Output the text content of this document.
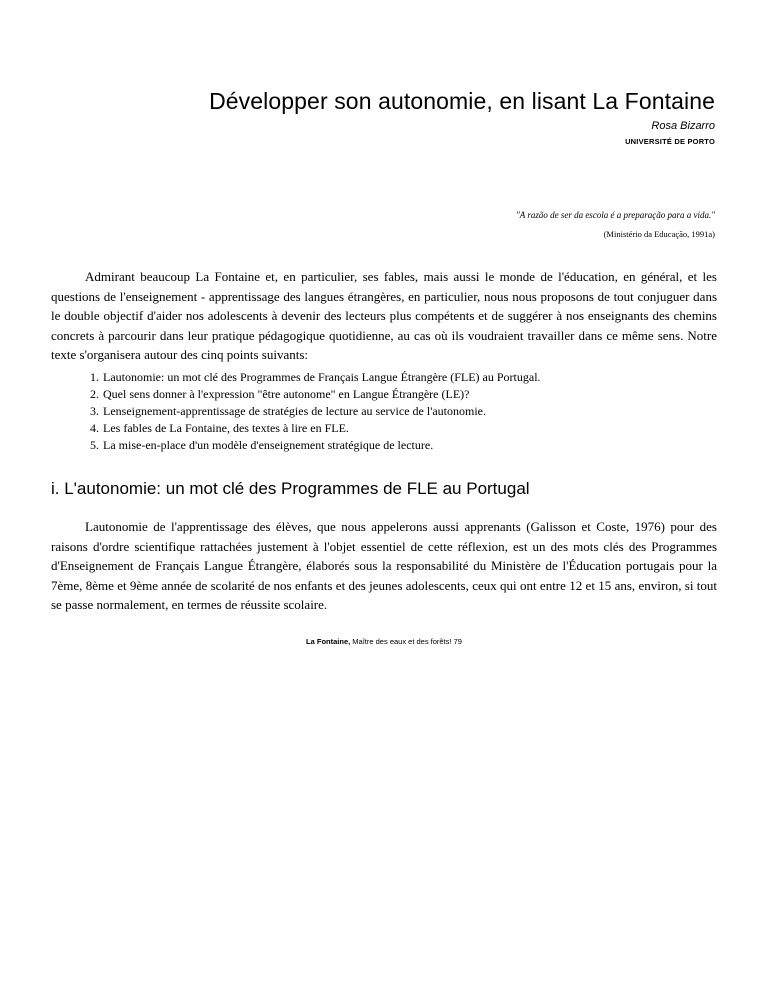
Développer son autonomie, en lisant La Fontaine
Rosa Bizarro
UNIVERSITÉ DE PORTO
"A razão de ser da escola é a preparação para a vida."
(Ministério da Educação, 1991a)

Admirant beaucoup La Fontaine et, en particulier, ses fables, mais aussi le monde de l'éducation, en général, et les questions de l'enseignement - apprentissage des langues étrangères, en particulier, nous nous proposons de tout conjuguer dans le double objectif d'aider nos adolescents à devenir des lecteurs plus compétents et de suggérer à nos enseignants des chemins concrets à parcourir dans leur pratique pédagogique quotidienne, au cas où ils voudraient travailler dans ce même sens. Notre texte s'organisera autour des cinq points suivants:

1. Lautonomie: un mot clé des Programmes de Français Langue Étrangère (FLE) au Portugal.
2. Quel sens donner à l'expression "être autonome" en Langue Étrangère (LE)?
3. Lenseignement-apprentissage de stratégies de lecture au service de l'autonomie.
4. Les fables de La Fontaine, des textes à lire en FLE.
5. La mise-en-place d'un modèle d'enseignement stratégique de lecture.
i. L'autonomie: un mot clé des Programmes de FLE au Portugal

Lautonomie de l'apprentissage des élèves, que nous appelerons aussi apprenants (Galisson et Coste, 1976) pour des raisons d'ordre scientifique rattachées justement à l'objet essentiel de cette réflexion, est un des mots clés des Programmes d'Enseignement de Français Langue Étrangère, élaborés sous la responsabilité du Ministère de l'Éducation portugais pour la 7ème, 8ème et 9ème année de scolarité de nos enfants et des jeunes adolescents, ceux qui ont entre 12 et 15 ans, environ, si tout se passe normalement, en termes de réussite scolaire.

La Fontaine, Maître des eaux et des forêts! 79
